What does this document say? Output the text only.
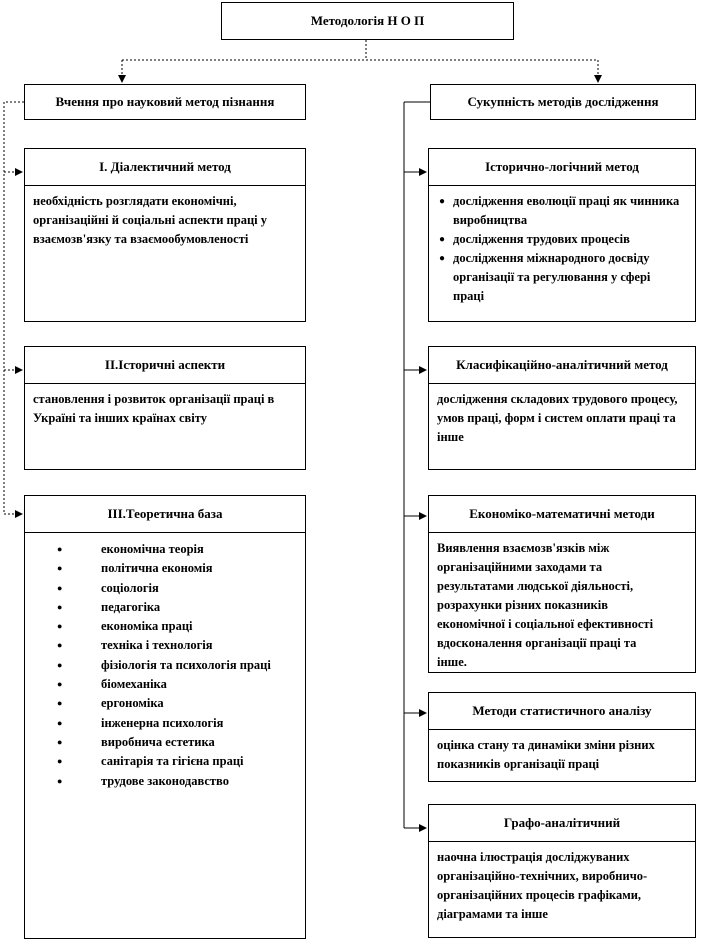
Методологія Н О П
Вчення про науковий метод пізнання	Сукупність методів дослідження
І. Діалектичний метод
необхідність розглядати економічні, організаційні й соціальні аспекти праці у взаємозв'язку та взаємообумовленості
ІІ.Історичні аспекти
становлення і розвиток організації праці в Україні та інших країнах світу
ІІІ.Теоретична база
● економічна теорія
● політична економія
● соціологія
● педагогіка
● економіка праці
● техніка і технологія
● фізіологія та психологія праці
● біомеханіка
● ергономіка
● інженерна психологія
● виробнича естетика
● санітарія та гігієна праці
● трудове законодавство
Історично-логічний метод
● дослідження еволюції праці як чинника виробництва
● дослідження трудових процесів
● дослідження міжнародного досвіду організації та регулювання у сфері праці
Класифікаційно-аналітичний метод
дослідження складових трудового процесу, умов праці, форм і систем оплати праці та інше
Економіко-математичні методи
Виявлення взаємозв'язків між організаційними заходами та результатами людської діяльності, розрахунки різних показників економічної і соціальної ефективності вдосконалення організації праці та інше.
Методи статистичного аналізу
оцінка стану та динаміки зміни різних показників організації праці
Графо-аналітичний
наочна ілюстрація досліджуваних організаційно-технічних, виробничо-організаційних процесів графіками, діаграмами та інше
